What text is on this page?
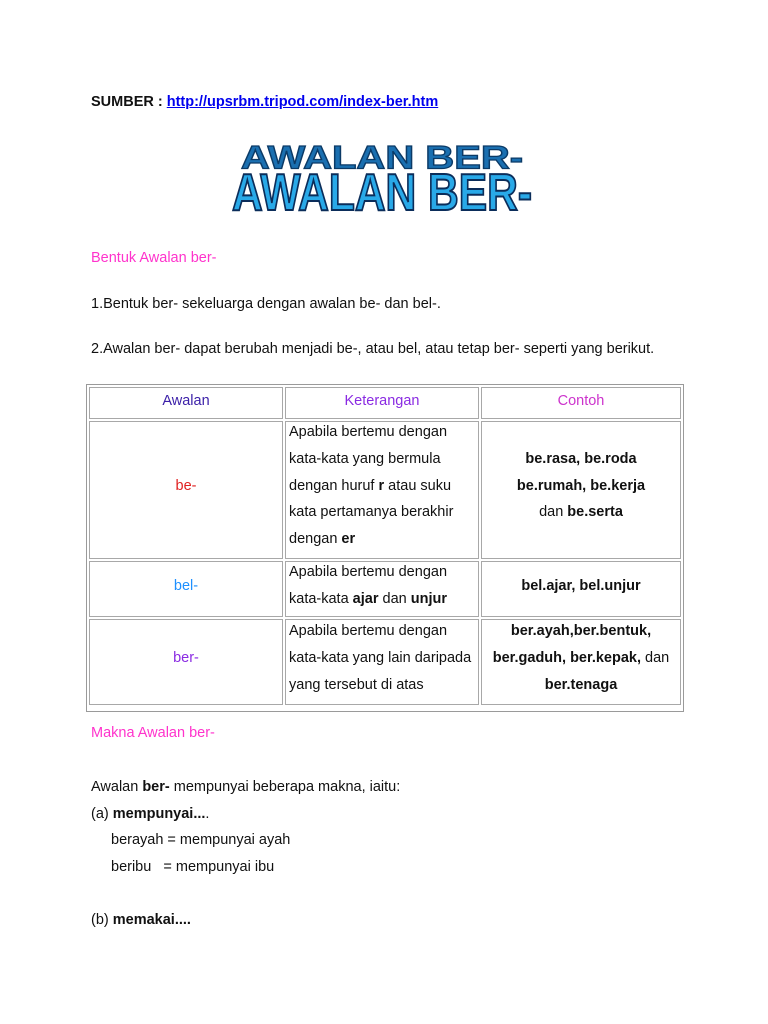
SUMBER : http://upsrbm.tripod.com/index-ber.htm
AWALAN BER-
AWALAN BER-
Bentuk Awalan ber-
1.Bentuk ber- sekeluarga dengan awalan be- dan bel-.
2.Awalan ber- dapat berubah menjadi be-, atau bel, atau tetap ber- seperti yang berikut.
Awalan	Keterangan	Contoh
be-
Apabila bertemu dengan
kata-kata yang bermula
dengan huruf r atau suku
kata pertamanya berakhir
dengan er
be.rasa, be.roda
be.rumah, be.kerja
dan be.serta
bel-
Apabila bertemu dengan
kata-kata ajar dan unjur
bel.ajar, bel.unjur
ber-
Apabila bertemu dengan
kata-kata yang lain daripada
yang tersebut di atas
ber.ayah,ber.bentuk,
ber.gaduh, ber.kepak, dan
ber.tenaga
Makna Awalan ber-
Awalan ber- mempunyai beberapa makna, iaitu:
(a) mempunyai....
berayah = mempunyai ayah
beribu   = mempunyai ibu
(b) memakai....
